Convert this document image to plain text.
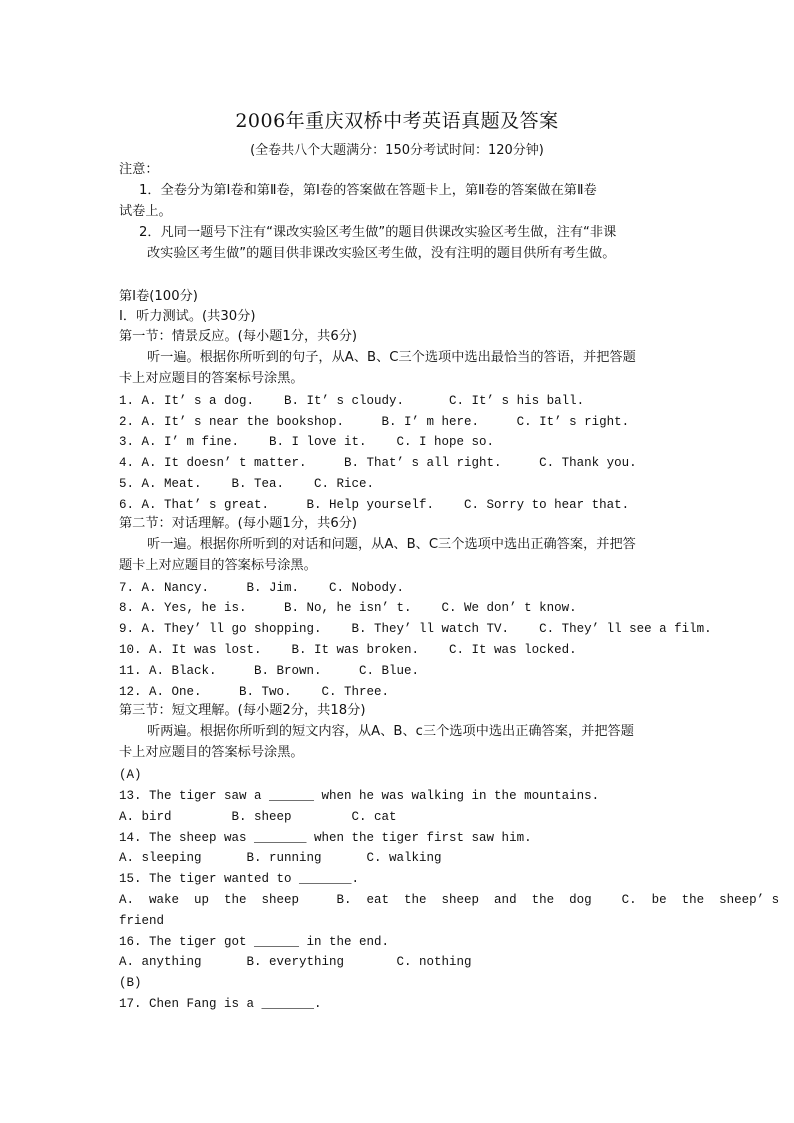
2006年重庆双桥中考英语真题及答案
(全卷共八个大题满分：150分考试时间：120分钟)
注意：
1．全卷分为第Ⅰ卷和第Ⅱ卷，第Ⅰ卷的答案做在答题卡上，第Ⅱ卷的答案做在第Ⅱ卷
试卷上。
2．凡同一题号下注有“课改实验区考生做”的题目供课改实验区考生做，注有“非课
改实验区考生做”的题目供非课改实验区考生做，没有注明的题目供所有考生做。
第Ⅰ卷(100分)
I．听力测试。(共30分)
第一节：情景反应。(每小题1分，共6分)
听一遍。根据你所听到的句子，从A、B、C三个选项中选出最恰当的答语，并把答题
卡上对应题目的答案标号涂黑。
1. A. It’ s a dog.    B. It’ s cloudy.      C. It’ s his ball.
2. A. It’ s near the bookshop.     B. I’ m here.     C. It’ s right.
3. A. I’ m fine.    B. I love it.    C. I hope so.
4. A. It doesn’ t matter.     B. That’ s all right.     C. Thank you.
5. A. Meat.    B. Tea.    C. Rice.
6. A. That’ s great.     B. Help yourself.    C. Sorry to hear that.
第二节：对话理解。(每小题1分，共6分)
听一遍。根据你所听到的对话和问题，从A、B、C三个选项中选出正确答案，并把答
题卡上对应题目的答案标号涂黑。
7. A. Nancy.     B. Jim.    C. Nobody.
8. A. Yes, he is.     B. No, he isn’ t.    C. We don’ t know.
9. A. They’ ll go shopping.    B. They’ ll watch TV.    C. They’ ll see a film.
10. A. It was lost.    B. It was broken.    C. It was locked.
11. A. Black.     B. Brown.     C. Blue.
12. A. One.     B. Two.    C. Three.
第三节：短文理解。(每小题2分，共18分)
听两遍。根据你所听到的短文内容，从A、B、c三个选项中选出正确答案，并把答题
卡上对应题目的答案标号涂黑。
(A)
13. The tiger saw a ______ when he was walking in the mountains.
A. bird        B. sheep        C. cat
14. The sheep was _______ when the tiger first saw him.
A. sleeping      B. running      C. walking
15. The tiger wanted to _______.
A.  wake  up  the  sheep     B.  eat  the  sheep  and  the  dog    C.  be  the  sheep’ s
friend
16. The tiger got ______ in the end.
A. anything      B. everything       C. nothing
(B)
17. Chen Fang is a _______.
